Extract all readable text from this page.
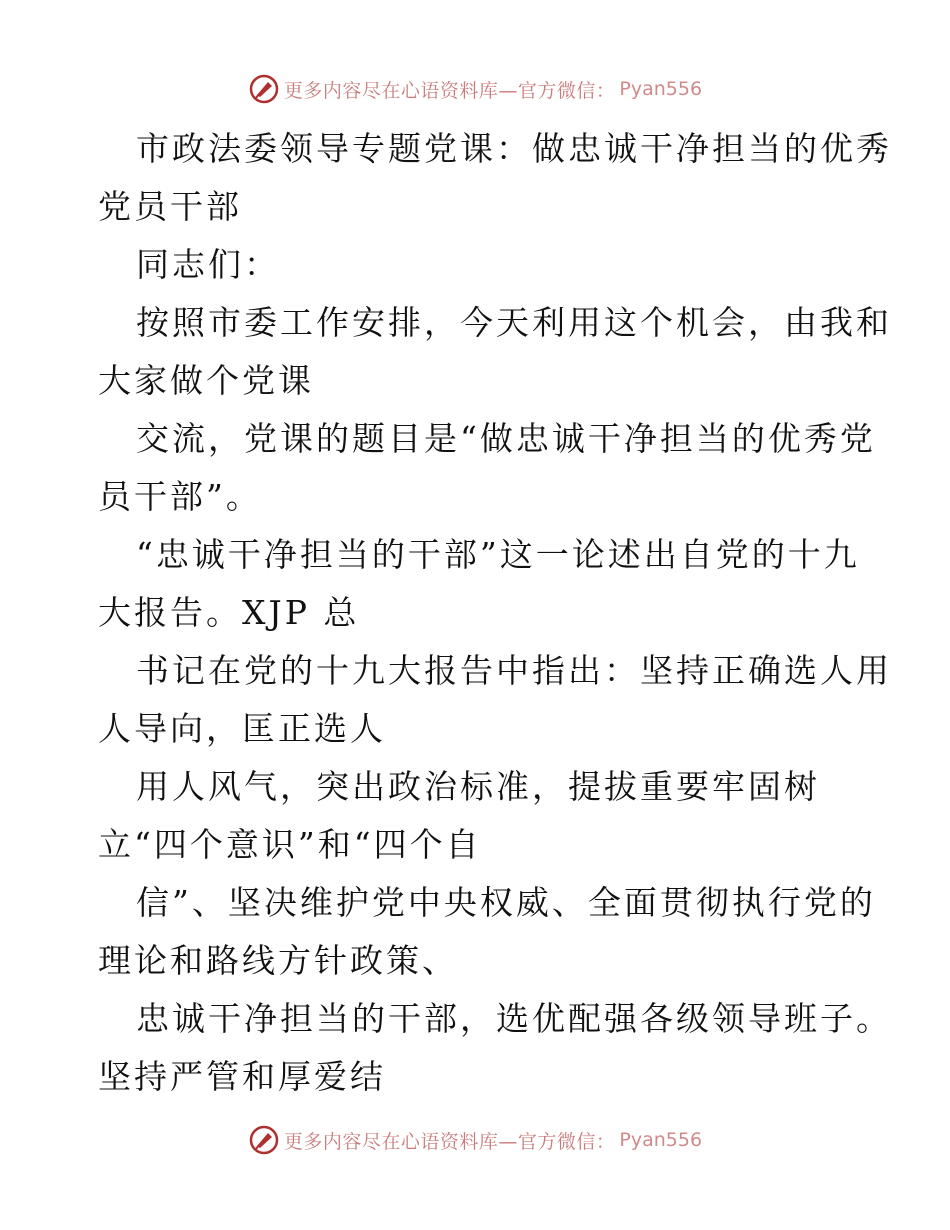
更多内容尽在心语资料库—官方微信： Pyan556
市政法委领导专题党课：做忠诚干净担当的优秀
党员干部
同志们：
按照市委工作安排，今天利用这个机会，由我和
大家做个党课
交流，党课的题目是“做忠诚干净担当的优秀党
员干部”。
“忠诚干净担当的干部”这一论述出自党的十九
大报告。XJP 总
书记在党的十九大报告中指出：坚持正确选人用
人导向，匡正选人
用人风气，突出政治标准，提拔重要牢固树
立“四个意识”和“四个自
信”、坚决维护党中央权威、全面贯彻执行党的
理论和路线方针政策、
忠诚干净担当的干部，选优配强各级领导班子。
坚持严管和厚爱结
更多内容尽在心语资料库—官方微信： Pyan556
